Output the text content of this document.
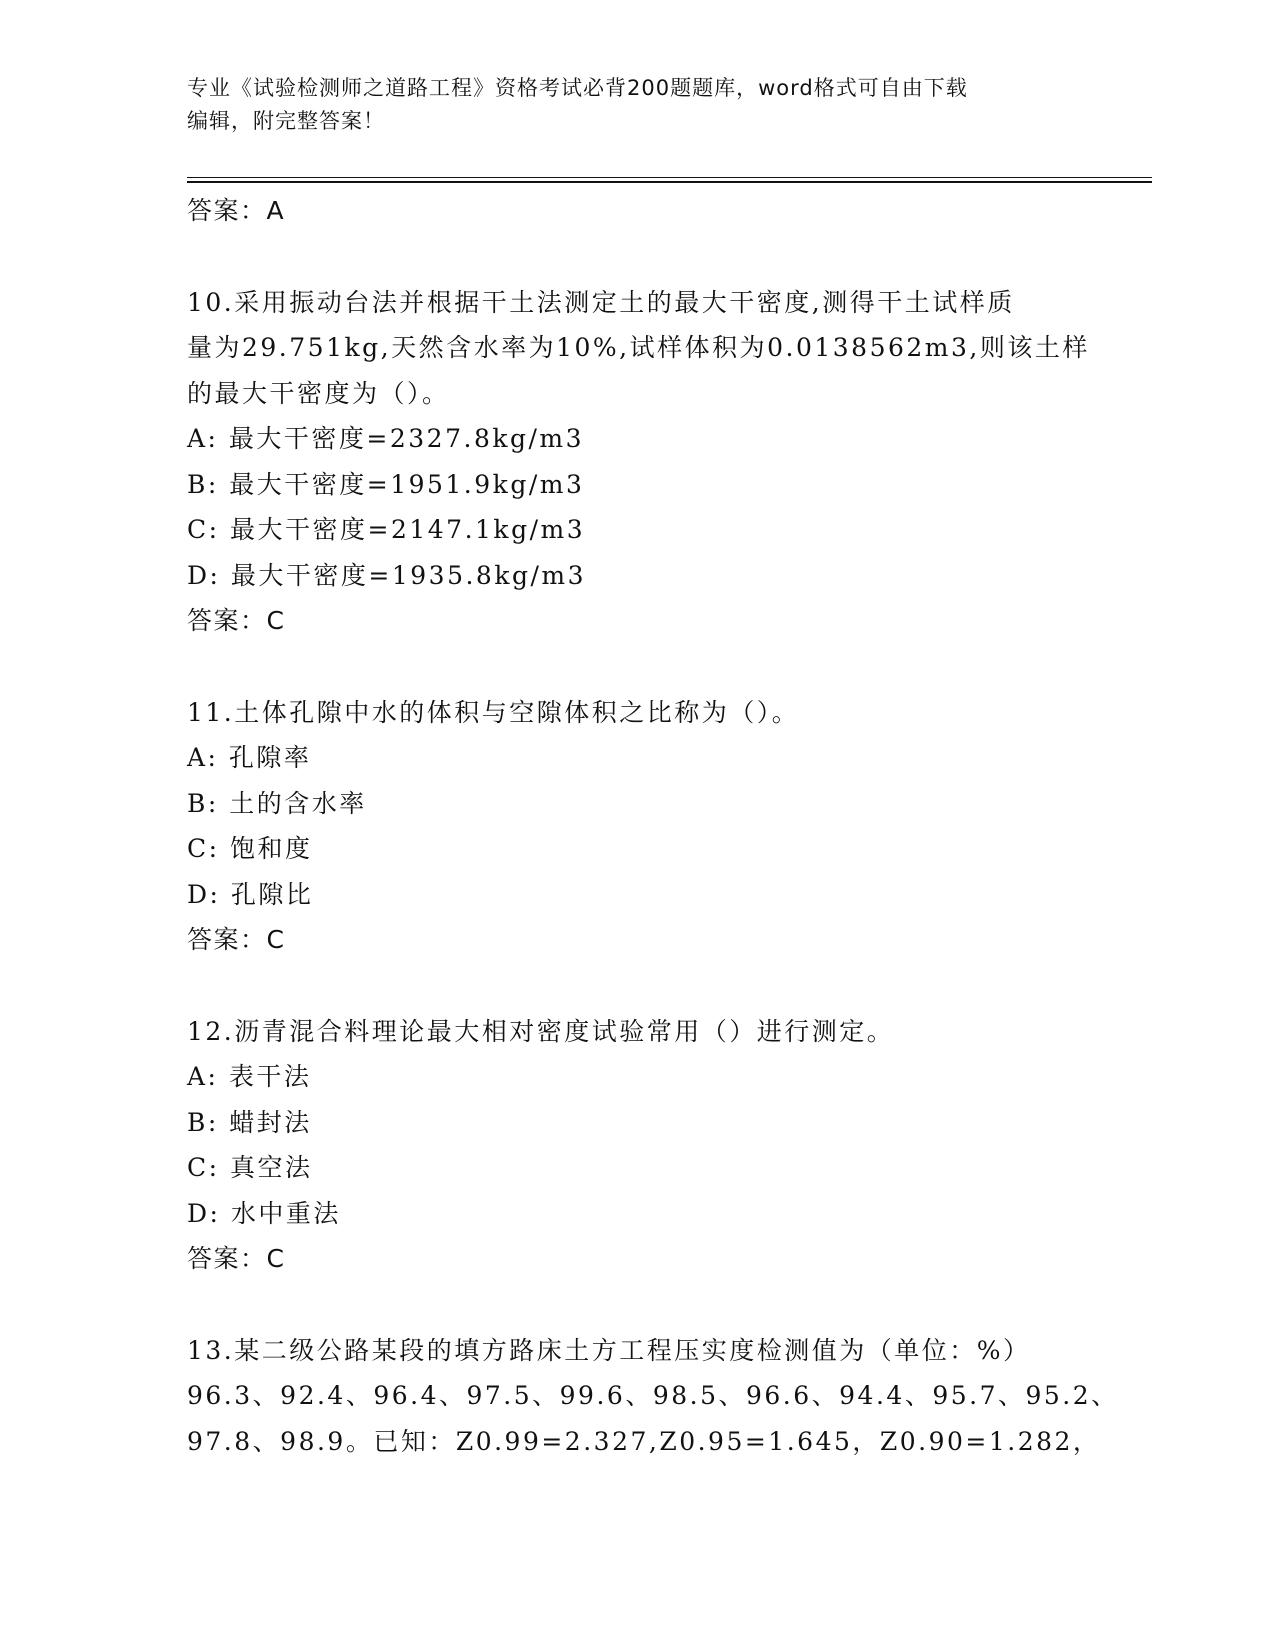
专业《试验检测师之道路工程》资格考试必背200题题库，word格式可自由下载
编辑，附完整答案！
答案：A
10.采用振动台法并根据干土法测定土的最大干密度,测得干土试样质
量为29.751kg,天然含水率为10%,试样体积为0.0138562m3,则该土样
的最大干密度为（）。
A: 最大干密度=2327.8kg/m3
B: 最大干密度=1951.9kg/m3
C: 最大干密度=2147.1kg/m3
D: 最大干密度=1935.8kg/m3
答案：C
11.土体孔隙中水的体积与空隙体积之比称为（）。
A: 孔隙率
B: 土的含水率
C: 饱和度
D: 孔隙比
答案：C
12.沥青混合料理论最大相对密度试验常用（）进行测定。
A: 表干法
B: 蜡封法
C: 真空法
D: 水中重法
答案：C
13.某二级公路某段的填方路床土方工程压实度检测值为（单位：%）
96.3、92.4、96.4、97.5、99.6、98.5、96.6、94.4、95.7、95.2、
97.8、98.9。已知：Z0.99=2.327,Z0.95=1.645，Z0.90=1.282，
